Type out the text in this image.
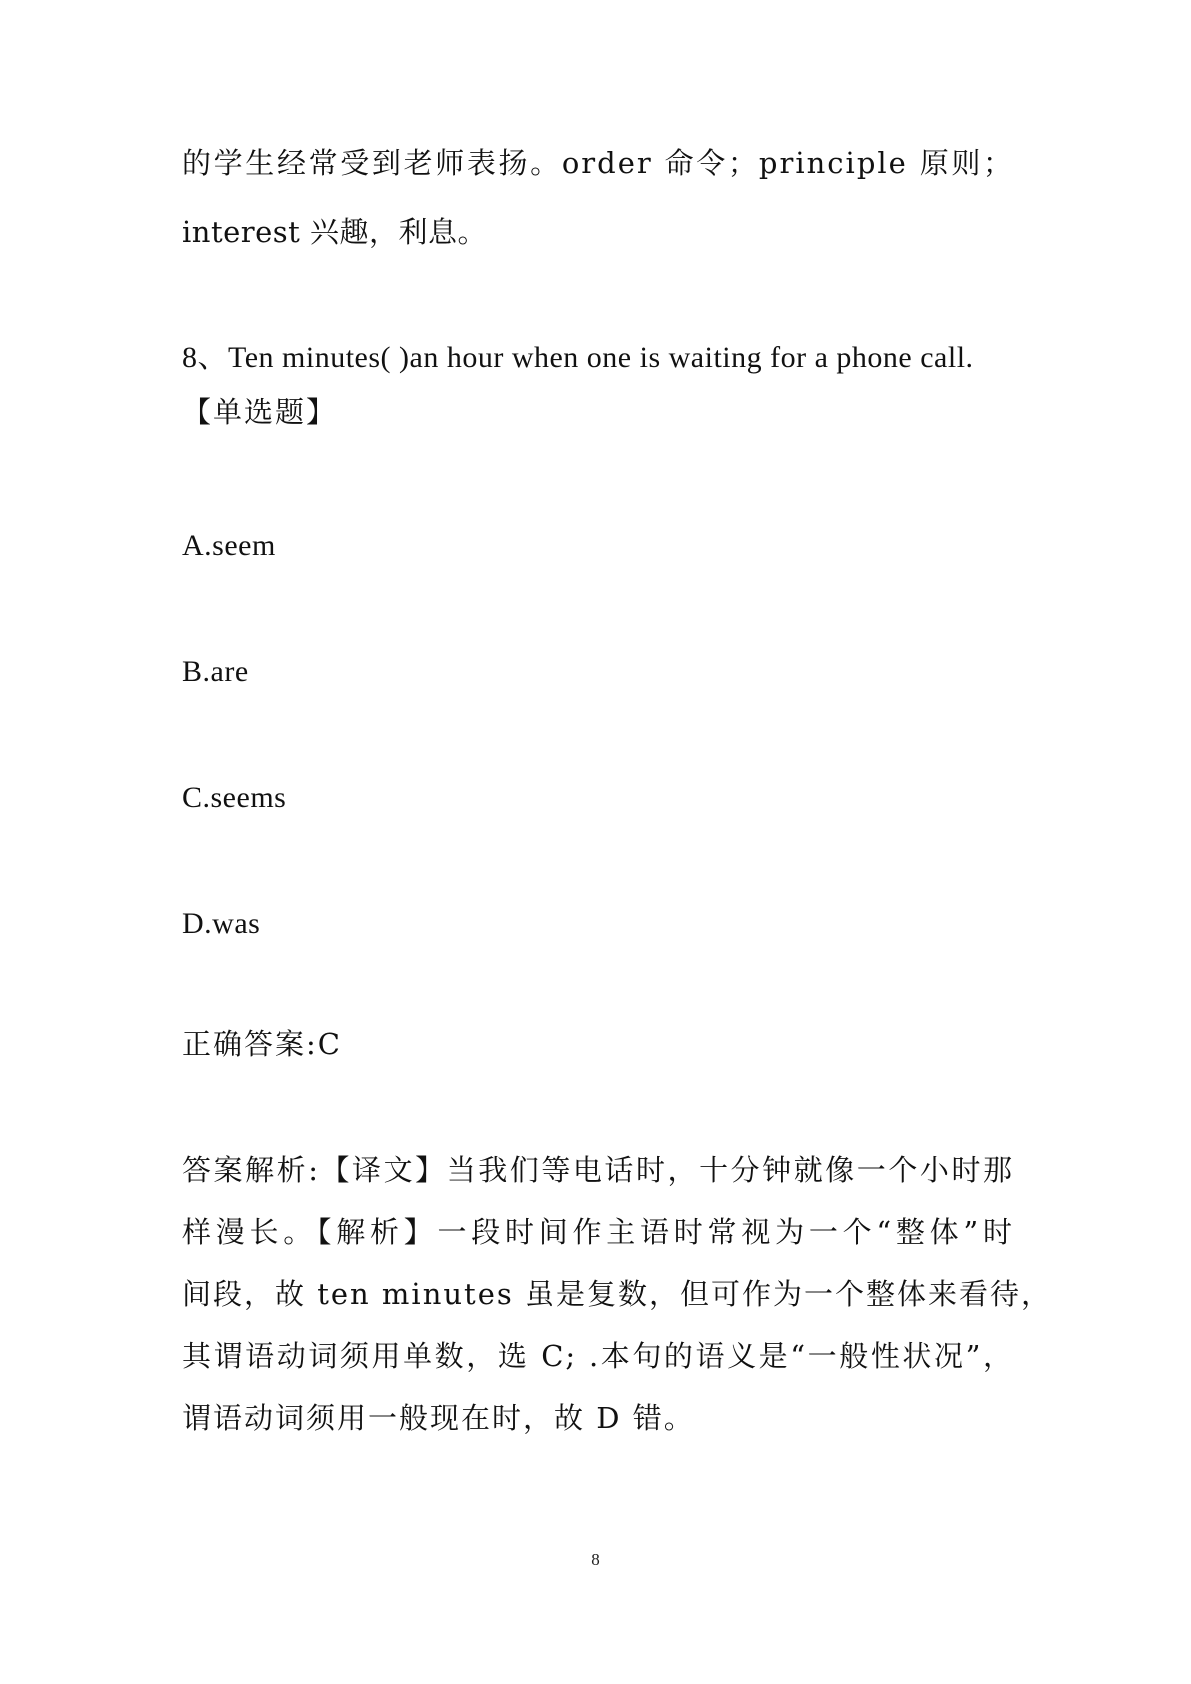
的学生经常受到老师表扬。order 命令；principle 原则；
interest 兴趣，利息。
8、Ten minutes( )an hour when one is waiting for a phone call.
【单选题】
A.seem
B.are
C.seems
D.was
正确答案:C
答案解析:【译文】当我们等电话时，十分钟就像一个小时那
样漫长。【解析】一段时间作主语时常视为一个“整体”时
间段，故 ten minutes 虽是复数，但可作为一个整体来看待，
其谓语动词须用单数，选 C; .本句的语义是“一般性状况”，
谓语动词须用一般现在时，故 D 错。
8
